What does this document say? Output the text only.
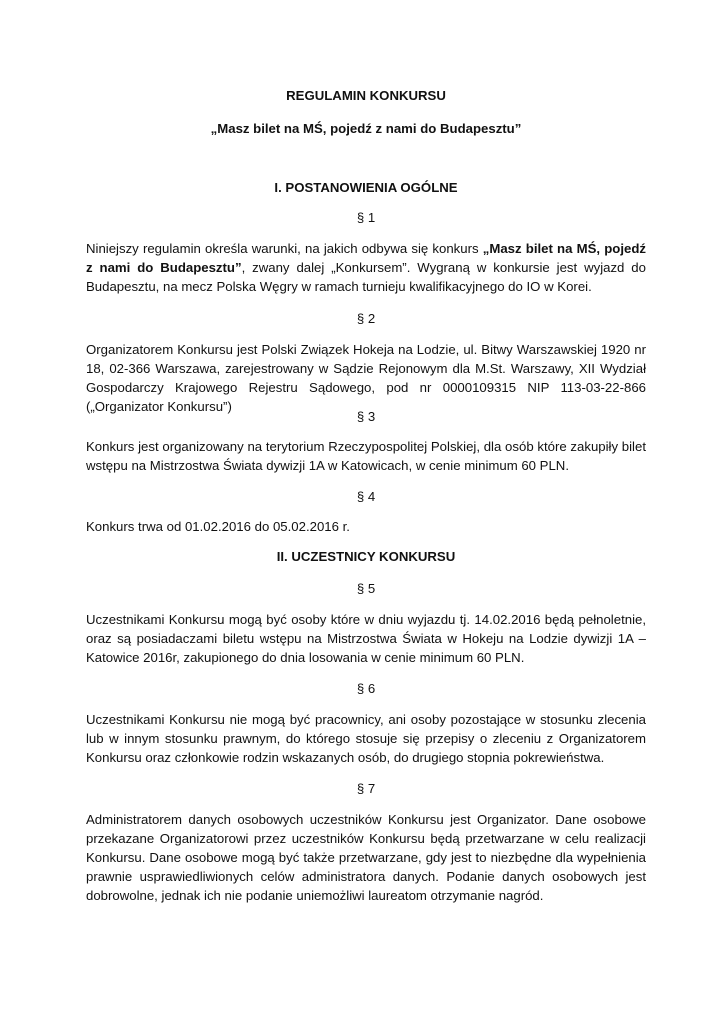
REGULAMIN KONKURSU

„Masz bilet na MŚ, pojedź z nami do Budapesztu”

I. POSTANOWIENIA OGÓLNE

§ 1

Niniejszy regulamin określa warunki, na jakich odbywa się konkurs „Masz bilet na MŚ, pojedź z nami do Budapesztu”, zwany dalej „Konkursem”. Wygraną w konkursie jest wyjazd do Budapesztu, na mecz Polska Węgry w ramach turnieju kwalifikacyjnego do IO w Korei.

§ 2

Organizatorem Konkursu jest Polski Związek Hokeja na Lodzie, ul. Bitwy Warszawskiej 1920 nr 18, 02-366 Warszawa, zarejestrowany w Sądzie Rejonowym dla M.St. Warszawy, XII Wydział Gospodarczy Krajowego Rejestru Sądowego, pod nr 0000109315 NIP 113-03-22-866 („Organizator Konkursu”)

§ 3

Konkurs jest organizowany na terytorium Rzeczypospolitej Polskiej, dla osób które zakupiły bilet wstępu na Mistrzostwa Świata dywizji 1A w Katowicach, w cenie minimum 60 PLN.

§ 4

Konkurs trwa od 01.02.2016 do 05.02.2016 r.

II. UCZESTNICY KONKURSU

§ 5

Uczestnikami Konkursu mogą być osoby które w dniu wyjazdu tj. 14.02.2016 będą pełnoletnie, oraz są posiadaczami biletu wstępu na Mistrzostwa Świata w Hokeju na Lodzie dywizji 1A – Katowice 2016r, zakupionego do dnia losowania w cenie minimum 60 PLN.

§ 6

Uczestnikami Konkursu nie mogą być pracownicy, ani osoby pozostające w stosunku zlecenia lub w innym stosunku prawnym, do którego stosuje się przepisy o zleceniu z Organizatorem Konkursu oraz członkowie rodzin wskazanych osób, do drugiego stopnia pokrewieństwa.

§ 7

Administratorem danych osobowych uczestników Konkursu jest Organizator. Dane osobowe przekazane Organizatorowi przez uczestników Konkursu będą przetwarzane w celu realizacji Konkursu. Dane osobowe mogą być także przetwarzane, gdy jest to niezbędne dla wypełnienia prawnie usprawiedliwionych celów administratora danych. Podanie danych osobowych jest dobrowolne, jednak ich nie podanie uniemożliwi laureatom otrzymanie nagród.
